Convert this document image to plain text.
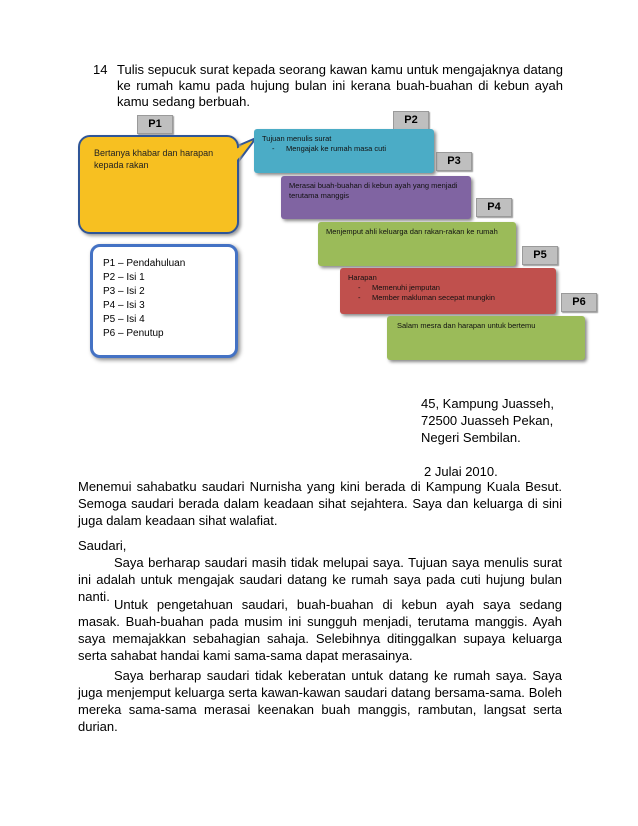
14 Tulis sepucuk surat kepada seorang kawan kamu untuk mengajaknya datang ke rumah kamu pada hujung bulan ini kerana buah-buahan di kebun ayah kamu sedang berbuah.
P1	P2
P3
P4
P5
P6
Bertanya khabar dan harapan kepada rakan
Tujuan menulis surat
- Mengajak ke rumah masa cuti
Merasai buah-buahan di kebun ayah yang menjadi terutama manggis
Menjemput ahli keluarga dan rakan-rakan ke rumah
Harapan
- Memenuhi jemputan
- Member makluman secepat mungkin
Salam mesra dan harapan untuk bertemu
P1 – Pendahuluan
P2 – Isi 1
P3 – Isi 2
P4 – Isi 3
P5 – Isi 4
P6 – Penutup
45, Kampung Juasseh,
72500 Juasseh Pekan,
Negeri Sembilan.
2 Julai 2010.
Menemui sahabatku saudari Nurnisha yang kini berada di Kampung Kuala Besut. Semoga saudari berada dalam keadaan sihat sejahtera. Saya dan keluarga di sini juga dalam keadaan sihat walafiat.
Saudari,
Saya berharap saudari masih tidak melupai saya. Tujuan saya menulis surat ini adalah untuk mengajak saudari datang ke rumah saya pada cuti hujung bulan nanti.
Untuk pengetahuan saudari, buah-buahan di kebun ayah saya sedang masak. Buah-buahan pada musim ini sungguh menjadi, terutama manggis. Ayah saya memajakkan sebahagian sahaja. Selebihnya ditinggalkan supaya keluarga serta sahabat handai kami sama-sama dapat merasainya.
Saya berharap saudari tidak keberatan untuk datang ke rumah saya. Saya juga menjemput keluarga serta kawan-kawan saudari datang bersama-sama. Boleh mereka sama-sama merasai keenakan buah manggis, rambutan, langsat serta durian.
